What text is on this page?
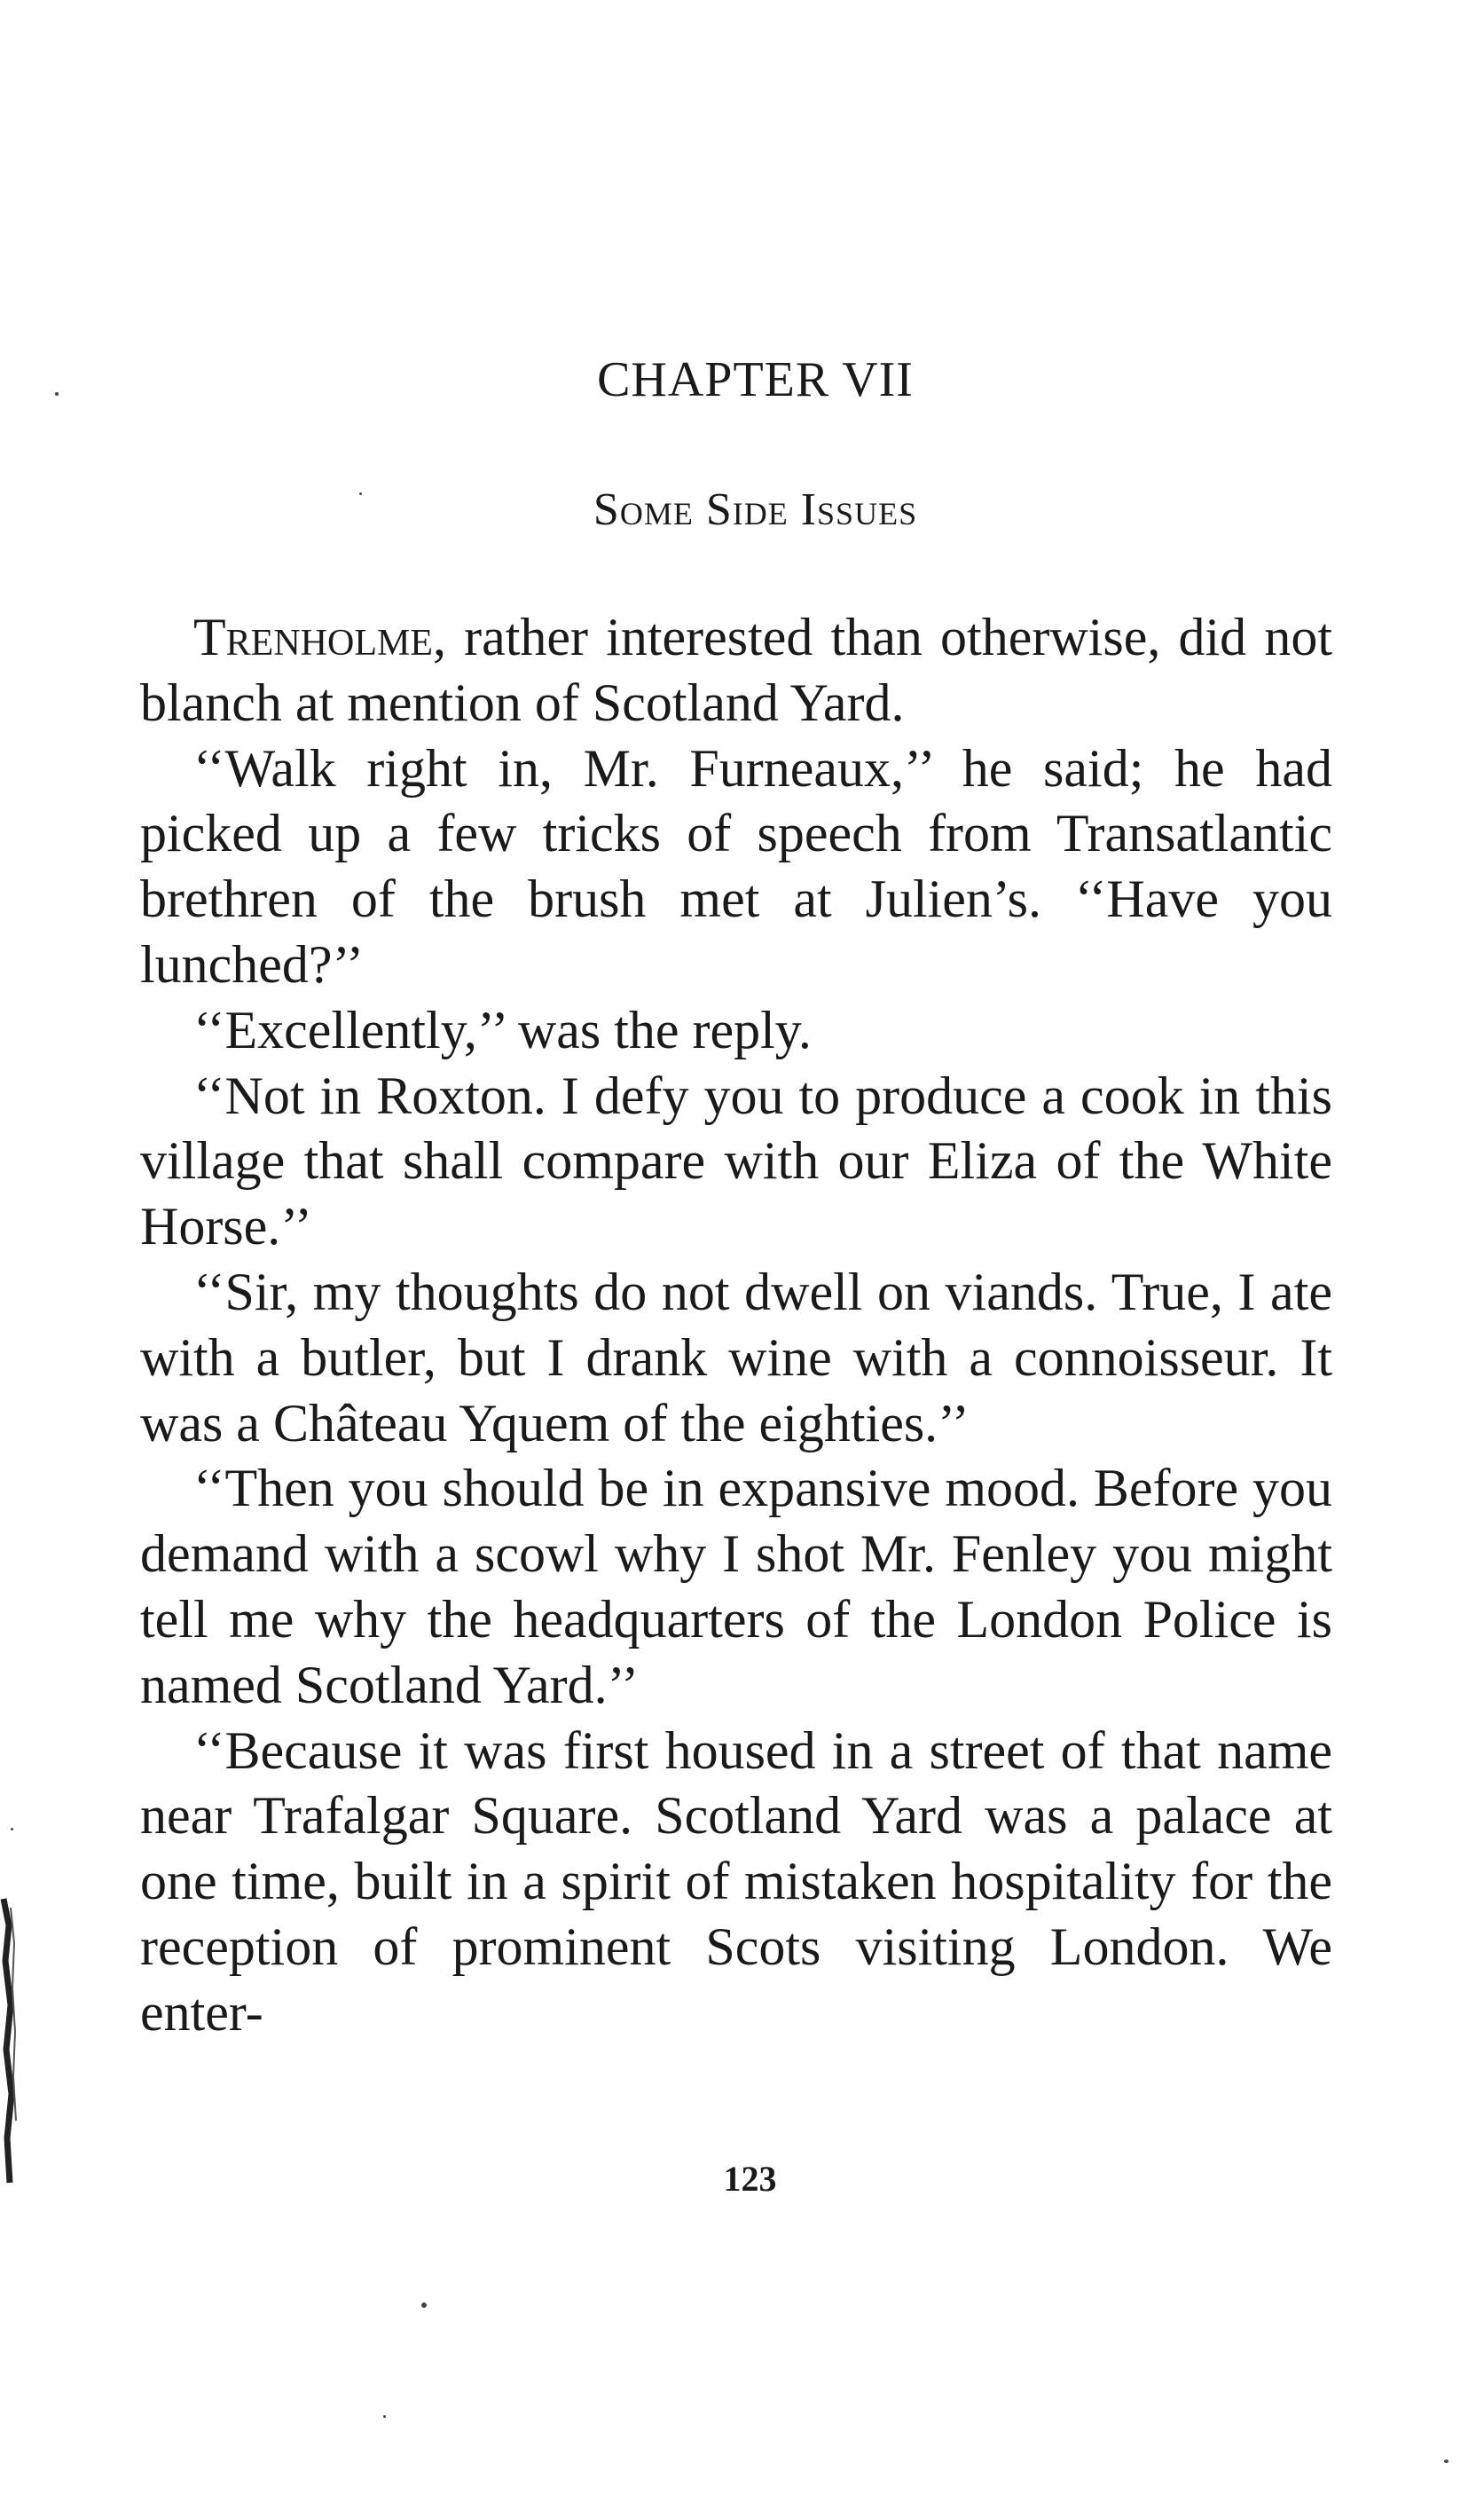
CHAPTER VII
Some Side Issues

Trenholme, rather interested than otherwise, did not blanch at mention of Scotland Yard.

‘‘Walk right in, Mr. Furneaux,’’ he said; he had picked up a few tricks of speech from Transatlantic brethren of the brush met at Julien’s. ‘‘Have you lunched?’’

‘‘Excellently,’’ was the reply.

‘‘Not in Roxton. I defy you to produce a cook in this village that shall compare with our Eliza of the White Horse.’’

‘‘Sir, my thoughts do not dwell on viands. True, I ate with a butler, but I drank wine with a connoisseur. It was a Château Yquem of the eighties.’’

‘‘Then you should be in expansive mood. Before you demand with a scowl why I shot Mr. Fenley you might tell me why the headquarters of the London Police is named Scotland Yard.’’

‘‘Because it was first housed in a street of that name near Trafalgar Square. Scotland Yard was a palace at one time, built in a spirit of mistaken hospitality for the reception of prominent Scots visiting London. We enter-

123
